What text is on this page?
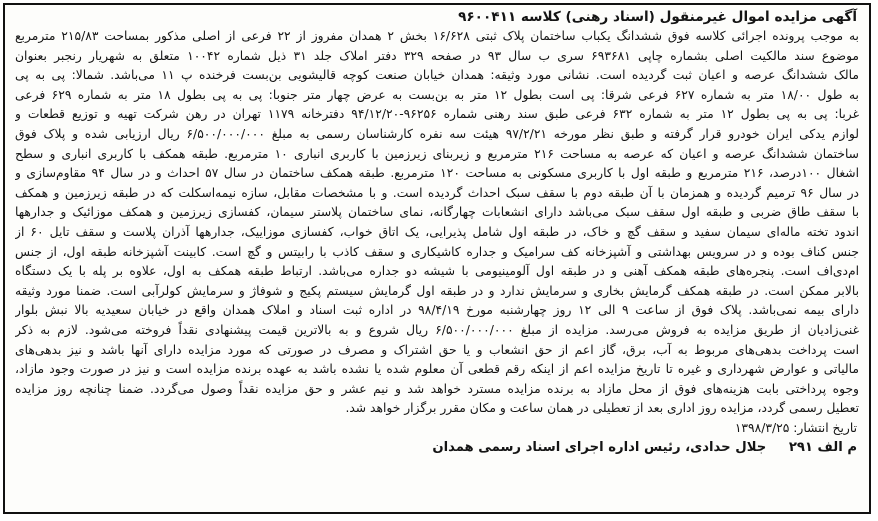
آگهی مزایده اموال غیرمنقول (اسناد رهنی) کلاسه ۹۶۰۰۴۱۱
به موجب پرونده اجرائی کلاسه فوق ششدانگ یکباب ساختمان پلاک ثبتی ۱۶/۶۲۸ بخش ۲ همدان مفروز از ۲۲ فرعی از اصلی مذکور بمساحت ۲۱۵/۸۳ مترمربع
موضوع سند مالکیت اصلی بشماره چاپی ۶۹۳۶۸۱ سری ب سال ۹۳ در صفحه ۳۲۹ دفتر املاک جلد ۳۱ ذیل شماره ۱۰۰۴۲ متعلق به شهریار رنجبر بعنوان
مالک ششدانگ عرصه و اعیان ثبت گردیده است. نشانی مورد وثیقه: همدان خیابان صنعت کوچه قالیشویی بن‌بست فرخنده پ ۱۱ می‌باشد. شمالا: پی به پی
به طول ۱۸/۰۰ متر به شماره ۶۲۷ فرعی شرقا: پی است بطول ۱۲ متر به بن‌بست به عرض چهار متر جنوبا: پی به پی بطول ۱۸ متر به شماره ۶۲۹ فرعی
غربا: پی به پی بطول ۱۲ متر به شماره ۶۳۲ فرعی طبق سند رهنی شماره ۹۶۲۵۶-۹۴/۱۲/۲۰ دفترخانه ۱۱۷۹ تهران در رهن شرکت تهیه و توزیع قطعات و
لوازم یدکی ایران خودرو قرار گرفته و طبق نظر مورخه ۹۷/۲/۲۱ هیئت سه نفره کارشناسان رسمی به مبلغ ۶/۵۰۰/۰۰۰/۰۰۰ ریال ارزیابی شده و پلاک فوق
ساختمان ششدانگ عرصه و اعیان که عرصه به مساحت ۲۱۶ مترمربع و زیربنای زیرزمین با کاربری انباری ۱۰ مترمربع. طبقه همکف با کاربری انباری و سطح
اشغال ۱۰۰درصد، ۲۱۶ مترمربع و طبقه اول با کاربری مسکونی به مساحت ۱۲۰ مترمربع. طبقه همکف ساختمان در سال ۵۷ احداث و در سال ۹۴ مقاوم‌سازی و
در سال ۹۶ ترمیم گردیده و همزمان با آن طبقه دوم با سقف سبک احداث گردیده است. و با مشخصات مقابل، سازه نیمه‌اسکلت که در طبقه زیرزمین و همکف
با سقف طاق ضربی و طبقه اول سقف سبک می‌باشد دارای انشعابات چهارگانه، نمای ساختمان پلاستر سیمان، کفسازی زیرزمین و همکف موزائیک و جدارهها
اندود تخته ماله‌ای سیمان سفید و سقف گچ و خاک، در طبقه اول شامل پذیرایی، یک اتاق خواب، کفسازی موزاییک، جدارهها آذران پلاست و سقف تایل ۶۰ از
جنس کناف بوده و در سرویس بهداشتی و آشپزخانه کف سرامیک و جداره کاشیکاری و سقف کاذب با رابیتس و گچ است. کابینت آشپزخانه طبقه اول، از جنس
ام‌دی‌اف است. پنجره‌های طبقه همکف آهنی و در طبقه اول آلومینیومی با شیشه دو جداره می‌باشد. ارتباط طبقه همکف به اول، علاوه بر پله با یک دستگاه
بالابر ممکن است. در طبقه همکف گرمایش بخاری و سرمایش ندارد و در طبقه اول گرمایش سیستم پکیج و شوفاژ و سرمایش کولرآبی است. ضمنا مورد وثیقه
دارای بیمه نمی‌باشد. پلاک فوق از ساعت ۹ الی ۱۲ روز چهارشنبه مورخ ۹۸/۴/۱۹ در اداره ثبت اسناد و املاک همدان واقع در خیابان سعیدیه بالا نبش بلوار
غنی‌زادیان از طریق مزایده به فروش می‌رسد. مزایده از مبلغ ۶/۵۰۰/۰۰۰/۰۰۰ ریال شروع و به بالاترین قیمت پیشنهادی نقداً فروخته می‌شود. لازم به ذکر
است پرداخت بدهی‌های مربوط به آب، برق، گاز اعم از حق انشعاب و یا حق اشتراک و مصرف در صورتی که مورد مزایده دارای آنها باشد و نیز بدهی‌های
مالیاتی و عوارض شهرداری و غیره تا تاریخ مزایده اعم از اینکه رقم قطعی آن معلوم شده یا نشده باشد به عهده برنده مزایده است و نیز در صورت وجود مازاد،
وجوه پرداختی بابت هزینه‌های فوق از محل مازاد به برنده مزایده مسترد خواهد شد و نیم عشر و حق مزایده نقداً وصول می‌گردد. ضمنا چنانچه روز مزایده
تعطیل رسمی گردد، مزایده روز اداری بعد از تعطیلی در همان ساعت و مکان مقرر برگزار خواهد شد.
تاریخ انتشار: ۱۳۹۸/۳/۲۵
م الف ۲۹۱ جلال حدادی، رئیس اداره اجرای اسناد رسمی همدان
